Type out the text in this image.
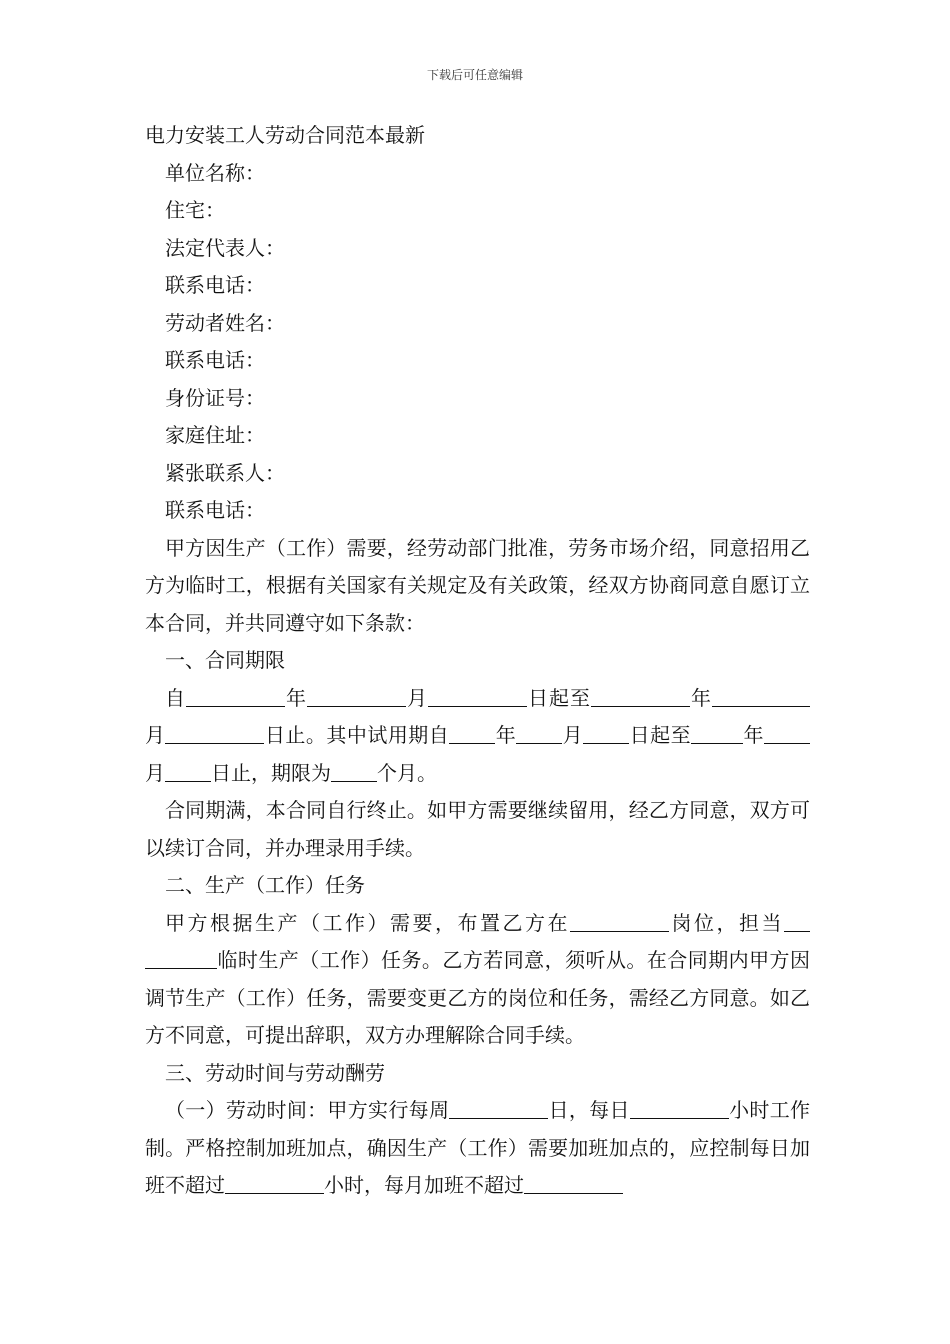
下载后可任意编辑

电力安装工人劳动合同范本最新

单位名称：

住宅：

法定代表人：

联系电话：

劳动者姓名：

联系电话：

身份证号：

家庭住址：

紧张联系人：

联系电话：

甲方因生产（工作）需要，经劳动部门批准，劳务市场介绍，同意招用乙方为临时工，根据有关国家有关规定及有关政策，经双方协商同意自愿订立本合同，并共同遵守如下条款：

一、合同期限

自	年	月	日起至	年月	日止。其中试用期自 年 月 日起至	年月 日止，期限为 个月。

合同期满，本合同自行终止。如甲方需要继续留用，经乙方同意，双方可以续订合同，并办理录用手续。

二、生产（工作）任务

甲方根据生产（工作）需要，布置乙方在	岗位，担当临时生产（工作）任务。乙方若同意，须听从。在合同期内甲方因调节生产（工作）任务，需要变更乙方的岗位和任务，需经乙方同意。如乙方不同意，可提出辞职，双方办理解除合同手续。

三、劳动时间与劳动酬劳

（一）劳动时间：甲方实行每周	日，每日	小时工作制。严格控制加班加点，确因生产（工作）需要加班加点的，应控制每日加班不超过	小时，每月加班不超过
